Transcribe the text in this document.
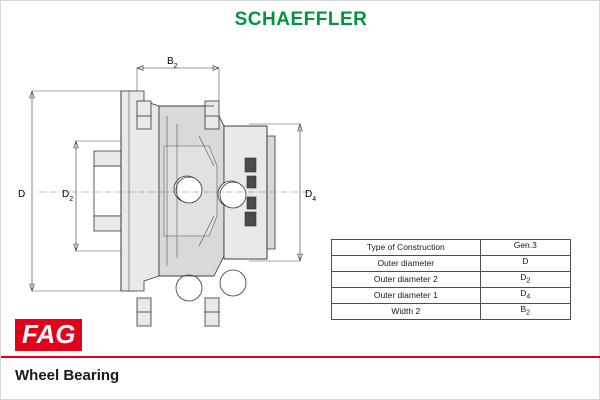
SCHAEFFLER
$B_2$
D	$D_2$	$D_4$
Type of Construction	Gen.3
Outer diameter	D
Outer diameter 2	$D_2$
Outer diameter 1	$D_4$
Width 2	$B_2$
FAG
Wheel Bearing
